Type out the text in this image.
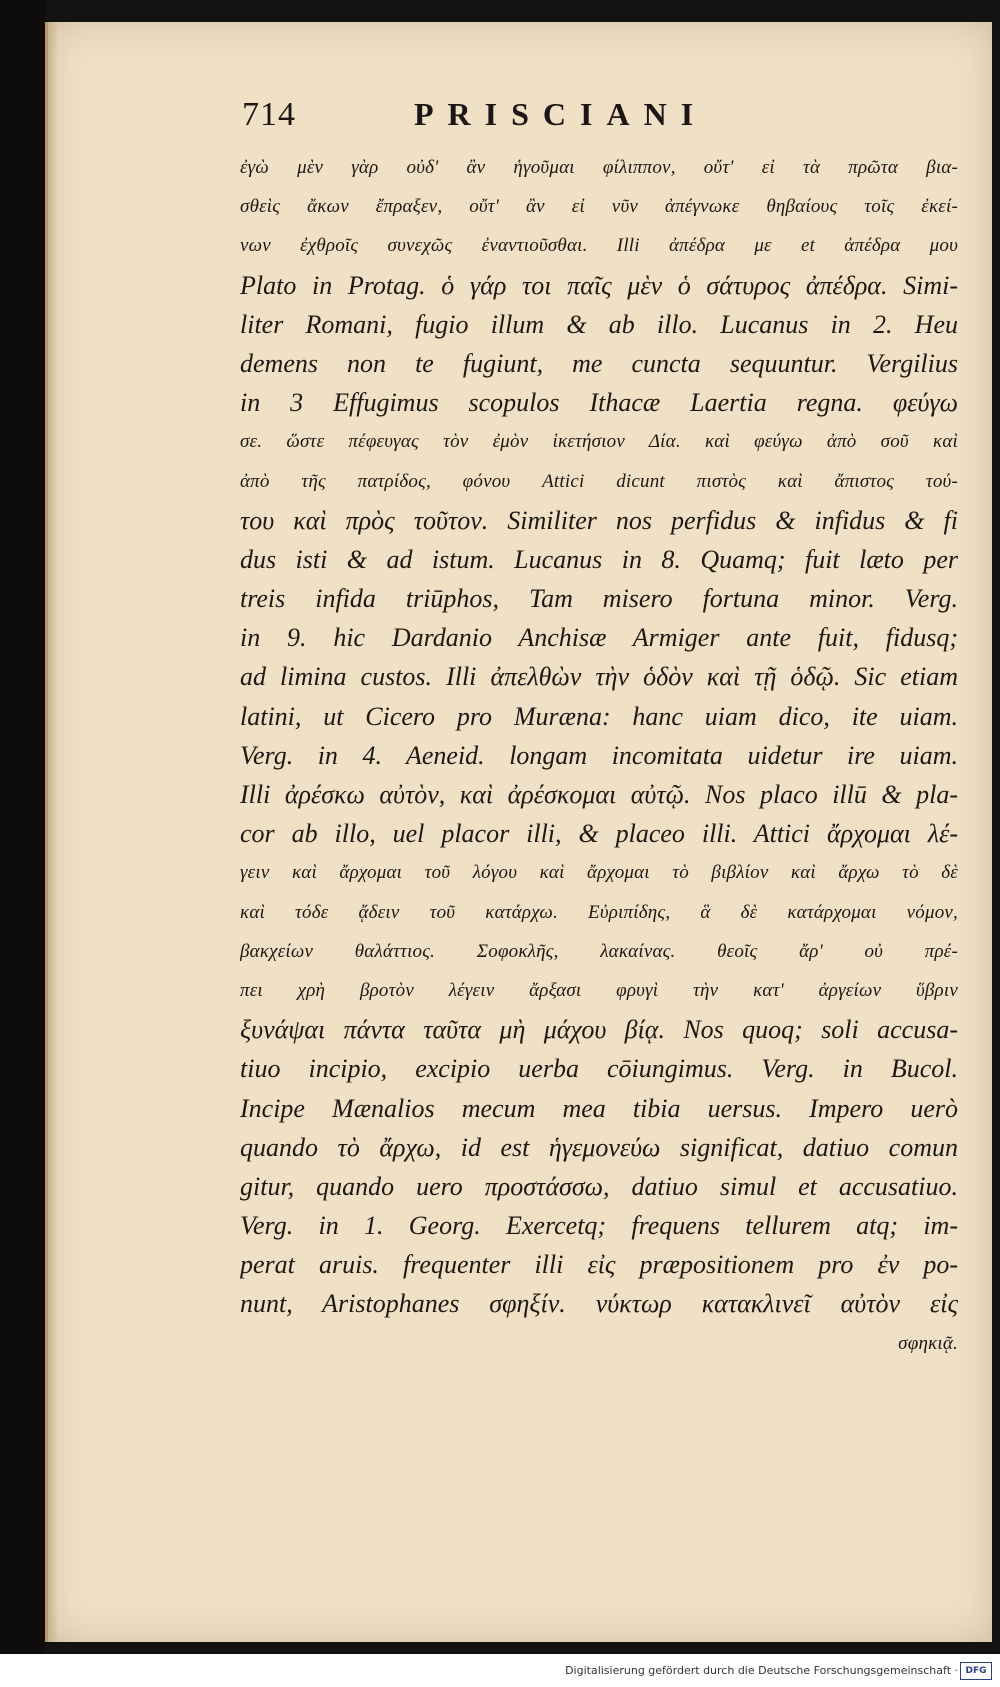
714	PRISCIANI
ἐγὼ μὲν γὰρ οὐδ' ἂν ἡγοῦμαι φίλιππον, οὔτ' εἰ τὰ πρῶτα βια-
σθεὶς ἄκων ἔπραξεν, οὔτ' ἂν εἰ νῦν ἀπέγνωκε θηβαίους τοῖς ἐκεί-
νων ἐχθροῖς συνεχῶς ἐναντιοῦσθαι. Illi ἀπέδρα με et ἀπέδρα μου
Plato in Protag. ὁ γάρ τοι παῖς μὲν ὁ σάτυρος ἀπέδρα. Simi-
liter Romani, fugio illum & ab illo. Lucanus in 2. Heu
demens non te fugiunt, me cuncta sequuntur. Vergilius
in 3 Effugimus scopulos Ithacæ Laertia regna. φεύγω
σε. ὥστε πέφευγας τὸν ἐμὸν ἱκετήσιον Δία. καὶ φεύγω ἀπὸ σοῦ καὶ
ἀπὸ τῆς πατρίδος, φόνου Attici dicunt πιστὸς καὶ ἄπιστος τού-
του καὶ πρὸς τοῦτον. Similiter nos perfidus & infidus & fi
dus isti & ad istum. Lucanus in 8. Quamq; fuit læto per
treis infida triūphos, Tam misero fortuna minor. Verg.
in 9. hic Dardanio Anchisæ Armiger ante fuit, fidusq;
ad limina custos. Illi ἀπελθὼν τὴν ὁδὸν καὶ τῇ ὁδῷ. Sic etiam
latini, ut Cicero pro Muræna: hanc uiam dico, ite uiam.
Verg. in 4. Aeneid. longam incomitata uidetur ire uiam.
Illi ἀρέσκω αὐτὸν, καὶ ἀρέσκομαι αὐτῷ. Nos placo illū & pla-
cor ab illo, uel placor illi, & placeo illi. Attici ἄρχομαι λέ-
γειν καὶ ἄρχομαι τοῦ λόγου καὶ ἄρχομαι τὸ βιβλίον καὶ ἄρχω τὸ δὲ
καὶ τόδε ᾄδειν τοῦ κατάρχω. Εὐριπίδης, ἃ δὲ κατάρχομαι νόμον,
βακχείων θαλάττιος. Σοφοκλῆς, λακαίνας. θεοῖς ἄρ' οὐ πρέ-
πει χρὴ βροτὸν λέγειν ἄρξασι φρυγὶ τὴν κατ' ἀργείων ὕβριν
ξυνάψαι πάντα ταῦτα μὴ μάχου βίᾳ. Nos quoq; soli accusa-
tiuo incipio, excipio uerba cōiungimus. Verg. in Bucol.
Incipe Mænalios mecum mea tibia uersus. Impero uerò
quando τὸ ἄρχω, id est ἡγεμονεύω significat, datiuo comun
gitur, quando uero προστάσσω, datiuo simul et accusatiuo.
Verg. in 1. Georg. Exercetq; frequens tellurem atq; im-
perat aruis. frequenter illi εἰς præpositionem pro ἐν po-
nunt, Aristophanes σφηξίν. νύκτωρ κατακλινεῖ αὐτὸν εἰς
σφηκιᾷ.
Digitalisierung gefördert durch die Deutsche Forschungsgemeinschaft · DFG
